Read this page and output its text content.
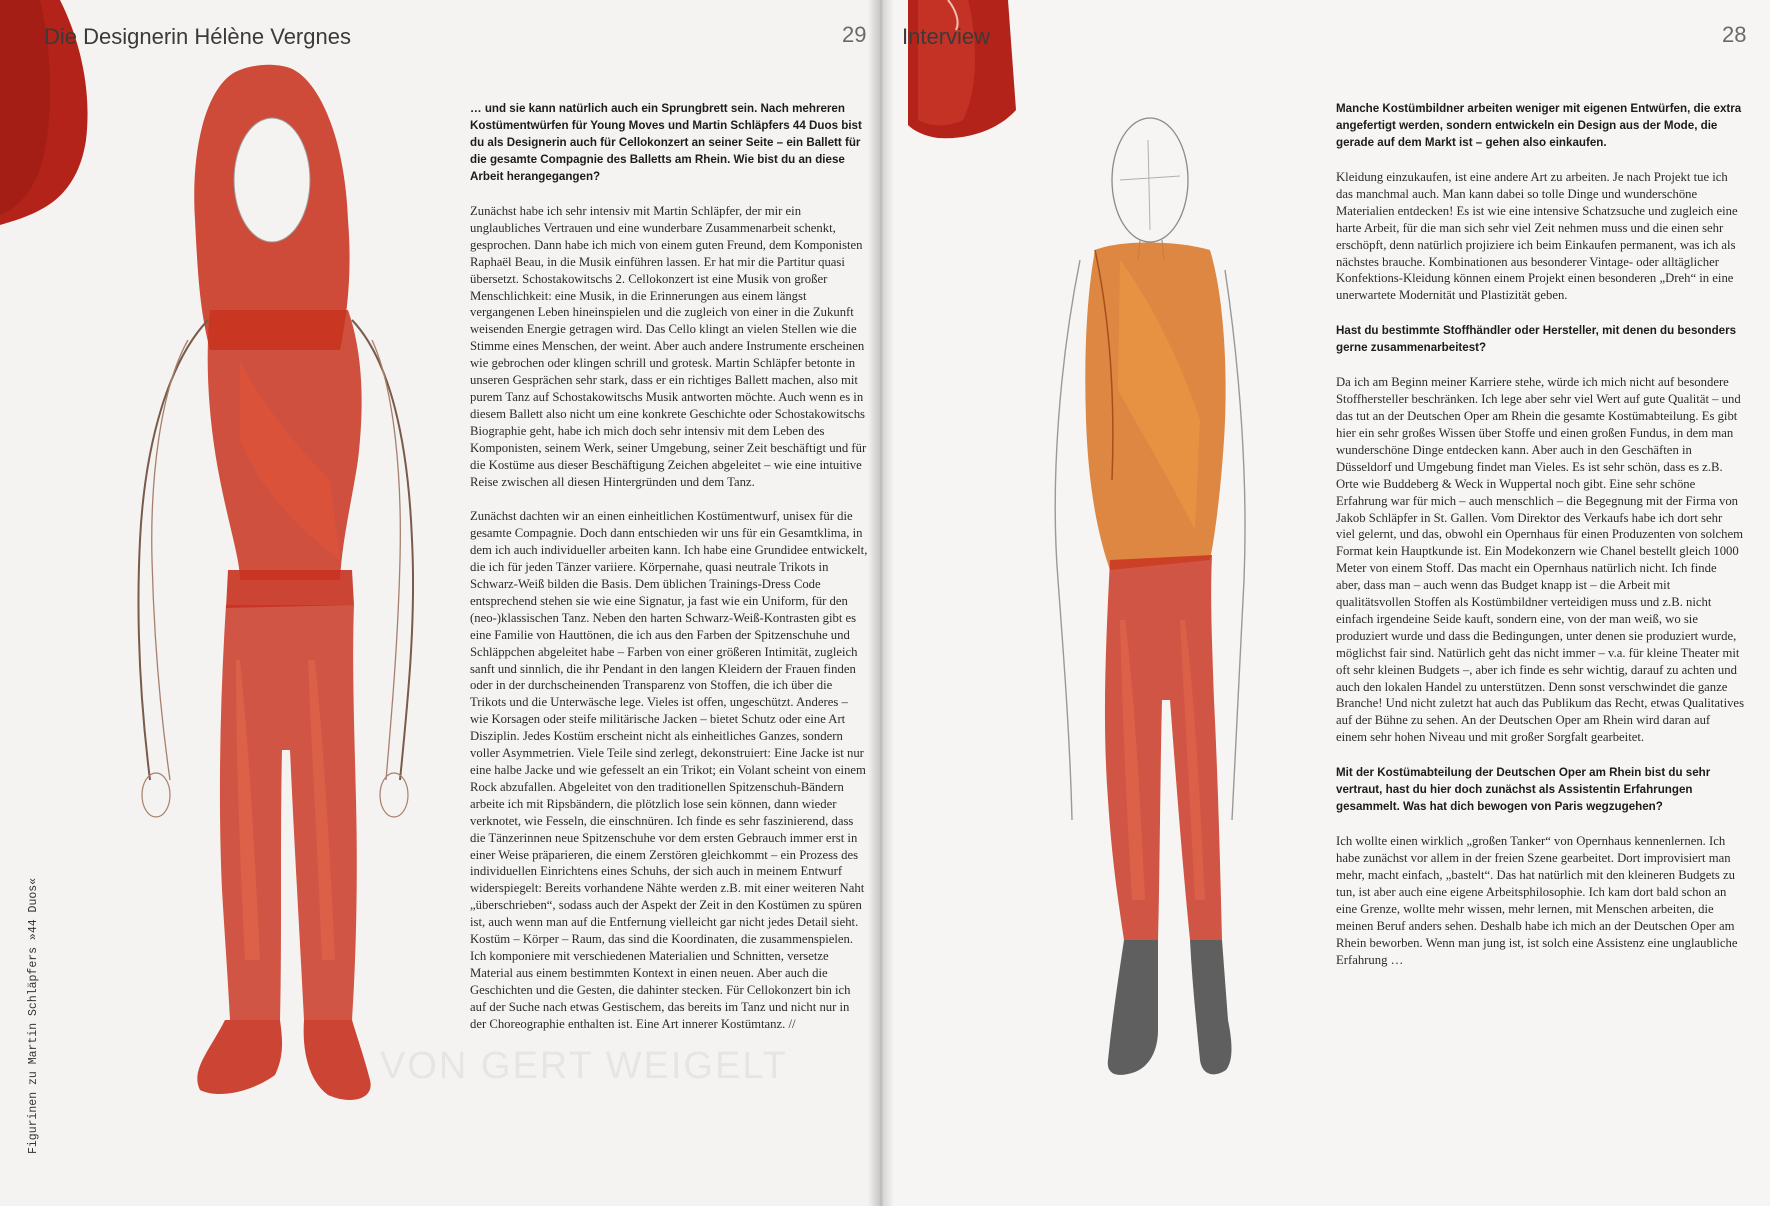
VON GERT WEIGELT
Die Designerin Hélène Vergnes	29

… und sie kann natürlich auch ein Sprungbrett sein. Nach mehreren Kostümentwürfen für Young Moves und Martin Schläpfers 44 Duos bist du als Designerin auch für Cellokonzert an seiner Seite – ein Ballett für die gesamte Compagnie des Balletts am Rhein. Wie bist du an diese Arbeit herangegangen?

Zunächst habe ich sehr intensiv mit Martin Schläpfer, der mir ein unglaubliches Vertrauen und eine wunderbare Zusammenarbeit schenkt, gesprochen. Dann habe ich mich von einem guten Freund, dem Komponisten Raphaël Beau, in die Musik einführen lassen. Er hat mir die Partitur quasi übersetzt. Schostakowitschs 2. Cellokonzert ist eine Musik von großer Menschlichkeit: eine Musik, in die Erinnerungen aus einem längst vergangenen Leben hineinspielen und die zugleich von einer in die Zukunft weisenden Energie getragen wird. Das Cello klingt an vielen Stellen wie die Stimme eines Menschen, der weint. Aber auch andere Instrumente erscheinen wie gebrochen oder klingen schrill und grotesk. Martin Schläpfer betonte in unseren Gesprächen sehr stark, dass er ein richtiges Ballett machen, also mit purem Tanz auf Schostakowitschs Musik antworten möchte. Auch wenn es in diesem Ballett also nicht um eine konkrete Geschichte oder Schostakowitschs Biographie geht, habe ich mich doch sehr intensiv mit dem Leben des Komponisten, seinem Werk, seiner Umgebung, seiner Zeit beschäftigt und für die Kostüme aus dieser Beschäftigung Zeichen abgeleitet – wie eine intuitive Reise zwischen all diesen Hintergründen und dem Tanz.

Zunächst dachten wir an einen einheitlichen Kostümentwurf, unisex für die gesamte Compagnie. Doch dann entschieden wir uns für ein Gesamtklima, in dem ich auch individueller arbeiten kann. Ich habe eine Grundidee entwickelt, die ich für jeden Tänzer variiere. Körpernahe, quasi neutrale Trikots in Schwarz-Weiß bilden die Basis. Dem üblichen Trainings-Dress Code entsprechend stehen sie wie eine Signatur, ja fast wie ein Uniform, für den (neo-)klassischen Tanz. Neben den harten Schwarz-Weiß-Kontrasten gibt es eine Familie von Hauttönen, die ich aus den Farben der Spitzenschuhe und Schläppchen abgeleitet habe – Farben von einer größeren Intimität, zugleich sanft und sinnlich, die ihr Pendant in den langen Kleidern der Frauen finden oder in der durchscheinenden Transparenz von Stoffen, die ich über die Trikots und die Unterwäsche lege. Vieles ist offen, ungeschützt. Anderes – wie Korsagen oder steife militärische Jacken – bietet Schutz oder eine Art Disziplin. Jedes Kostüm erscheint nicht als einheitliches Ganzes, sondern voller Asymmetrien. Viele Teile sind zerlegt, dekonstruiert: Eine Jacke ist nur eine halbe Jacke und wie gefesselt an ein Trikot; ein Volant scheint von einem Rock abzufallen. Abgeleitet von den traditionellen Spitzenschuh-Bändern arbeite ich mit Ripsbändern, die plötzlich lose sein können, dann wieder verknotet, wie Fesseln, die einschnüren. Ich finde es sehr faszinierend, dass die Tänzerinnen neue Spitzenschuhe vor dem ersten Gebrauch immer erst in einer Weise präparieren, die einem Zerstören gleichkommt – ein Prozess des individuellen Einrichtens eines Schuhs, der sich auch in meinem Entwurf widerspiegelt: Bereits vorhandene Nähte werden z.B. mit einer weiteren Naht „überschrieben“, sodass auch der Aspekt der Zeit in den Kostümen zu spüren ist, auch wenn man auf die Entfernung vielleicht gar nicht jedes Detail sieht. Kostüm – Körper – Raum, das sind die Koordinaten, die zusammenspielen. Ich komponiere mit verschiedenen Materialien und Schnitten, versetze Material aus einem bestimmten Kontext in einen neuen. Aber auch die Geschichten und die Gesten, die dahinter stecken. Für Cellokonzert bin ich auf der Suche nach etwas Gestischem, das bereits im Tanz und nicht nur in der Choreographie enthalten ist. Eine Art innerer Kostümtanz. //

Figurinen zu Martin Schläpfers »44 Duos«
Interview	28

Manche Kostümbildner arbeiten weniger mit eigenen Entwürfen, die extra angefertigt werden, sondern entwickeln ein Design aus der Mode, die gerade auf dem Markt ist – gehen also einkaufen.

Kleidung einzukaufen, ist eine andere Art zu arbeiten. Je nach Projekt tue ich das manchmal auch. Man kann dabei so tolle Dinge und wunderschöne Materialien entdecken! Es ist wie eine intensive Schatzsuche und zugleich eine harte Arbeit, für die man sich sehr viel Zeit nehmen muss und die einen sehr erschöpft, denn natürlich projiziere ich beim Einkaufen permanent, was ich als nächstes brauche. Kombinationen aus besonderer Vintage- oder alltäglicher Konfektions-Kleidung können einem Projekt einen besonderen „Dreh“ in eine unerwartete Modernität und Plastizität geben.

Hast du bestimmte Stoffhändler oder Hersteller, mit denen du besonders gerne zusammenarbeitest?

Da ich am Beginn meiner Karriere stehe, würde ich mich nicht auf besondere Stoffhersteller beschränken. Ich lege aber sehr viel Wert auf gute Qualität – und das tut an der Deutschen Oper am Rhein die gesamte Kostümabteilung. Es gibt hier ein sehr großes Wissen über Stoffe und einen großen Fundus, in dem man wunderschöne Dinge entdecken kann. Aber auch in den Geschäften in Düsseldorf und Umgebung findet man Vieles. Es ist sehr schön, dass es z.B. Orte wie Buddeberg & Weck in Wuppertal noch gibt. Eine sehr schöne Erfahrung war für mich – auch menschlich – die Begegnung mit der Firma von Jakob Schläpfer in St. Gallen. Vom Direktor des Verkaufs habe ich dort sehr viel gelernt, und das, obwohl ein Opernhaus für einen Produzenten von solchem Format kein Hauptkunde ist. Ein Modekonzern wie Chanel bestellt gleich 1000 Meter von einem Stoff. Das macht ein Opernhaus natürlich nicht. Ich finde aber, dass man – auch wenn das Budget knapp ist – die Arbeit mit qualitätsvollen Stoffen als Kostümbildner verteidigen muss und z.B. nicht einfach irgendeine Seide kauft, sondern eine, von der man weiß, wo sie produziert wurde und dass die Bedingungen, unter denen sie produziert wurde, möglichst fair sind. Natürlich geht das nicht immer – v.a. für kleine Theater mit oft sehr kleinen Budgets –, aber ich finde es sehr wichtig, darauf zu achten und auch den lokalen Handel zu unterstützen. Denn sonst verschwindet die ganze Branche! Und nicht zuletzt hat auch das Publikum das Recht, etwas Qualitatives auf der Bühne zu sehen. An der Deutschen Oper am Rhein wird daran auf einem sehr hohen Niveau und mit großer Sorgfalt gearbeitet.

Mit der Kostümabteilung der Deutschen Oper am Rhein bist du sehr vertraut, hast du hier doch zunächst als Assistentin Erfahrungen gesammelt. Was hat dich bewogen von Paris wegzugehen?

Ich wollte einen wirklich „großen Tanker“ von Opernhaus kennenlernen. Ich habe zunächst vor allem in der freien Szene gearbeitet. Dort improvisiert man mehr, macht einfach, „bastelt“. Das hat natürlich mit den kleineren Budgets zu tun, ist aber auch eine eigene Arbeitsphilosophie. Ich kam dort bald schon an eine Grenze, wollte mehr wissen, mehr lernen, mit Menschen arbeiten, die meinen Beruf anders sehen. Deshalb habe ich mich an der Deutschen Oper am Rhein beworben. Wenn man jung ist, ist solch eine Assistenz eine unglaubliche Erfahrung …
